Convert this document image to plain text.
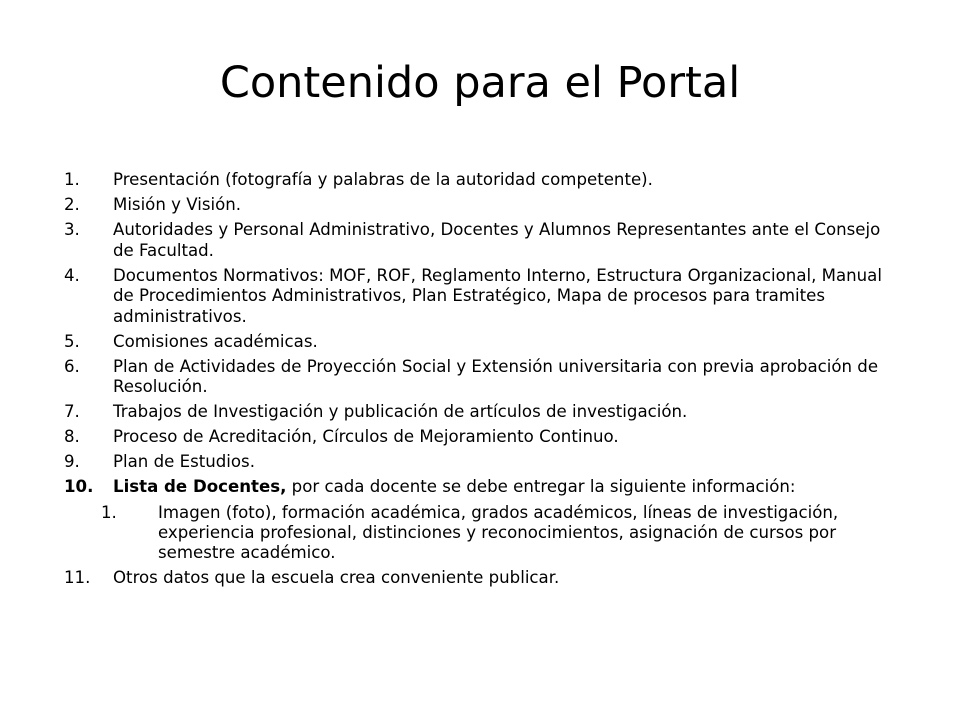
Contenido para el Portal
1.	Presentación (fotografía y palabras de la autoridad competente).
2.	Misión y Visión.
3.	Autoridades y Personal Administrativo, Docentes y Alumnos Representantes ante el Consejo de Facultad.
4.	Documentos Normativos: MOF, ROF, Reglamento Interno, Estructura Organizacional, Manual de Procedimientos Administrativos, Plan Estratégico, Mapa de procesos para tramites administrativos.
5.	Comisiones académicas.
6.	Plan de Actividades de Proyección Social y Extensión universitaria con previa aprobación de Resolución.
7.	Trabajos de Investigación y publicación de artículos de investigación.
8.	Proceso de Acreditación, Círculos de Mejoramiento Continuo.
9.	Plan de Estudios.
10.	Lista de Docentes, por cada docente se debe entregar la siguiente información:
1.	Imagen (foto), formación académica, grados académicos, líneas de investigación, experiencia profesional, distinciones y reconocimientos, asignación de cursos por semestre académico.
11.	Otros datos que la escuela crea conveniente publicar.
